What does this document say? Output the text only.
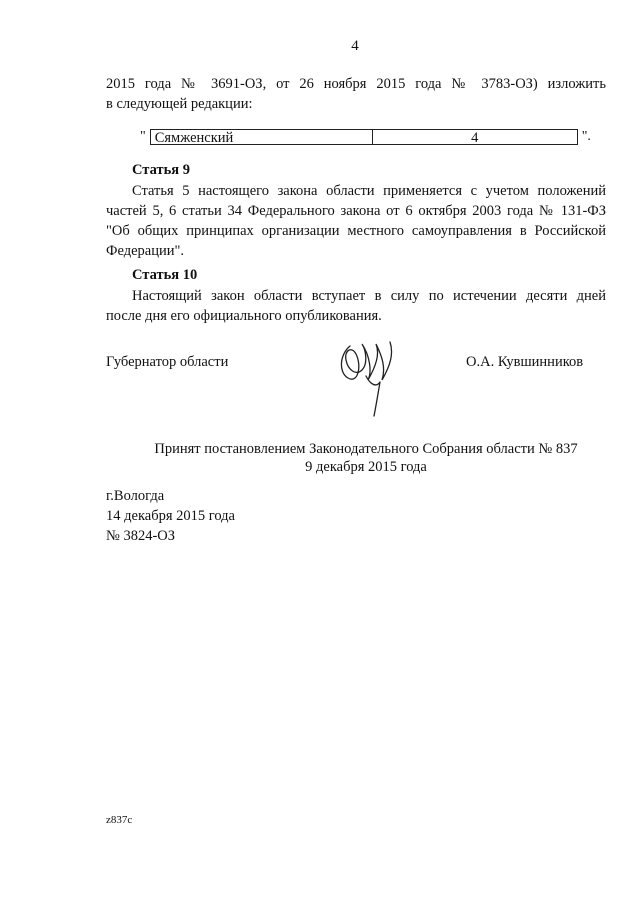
4
2015 года № 3691-ОЗ, от 26 ноября 2015 года № 3783-ОЗ) изложить
в следующей редакции:
" Сямженский	4	".
Статья 9
Статья 5 настоящего закона области применяется с учетом положений
частей 5, 6 статьи 34 Федерального закона от 6 октября 2003 года № 131-ФЗ
"Об общих принципах организации местного самоуправления в Российской
Федерации".
Статья 10
Настоящий закон области вступает в силу по истечении десяти дней
после дня его официального опубликования.
Губернатор области	О.А. Кувшинников
Принят постановлением Законодательного Собрания области № 837
9 декабря 2015 года
г.Вологда
14 декабря 2015 года
№ 3824-ОЗ
z837c
